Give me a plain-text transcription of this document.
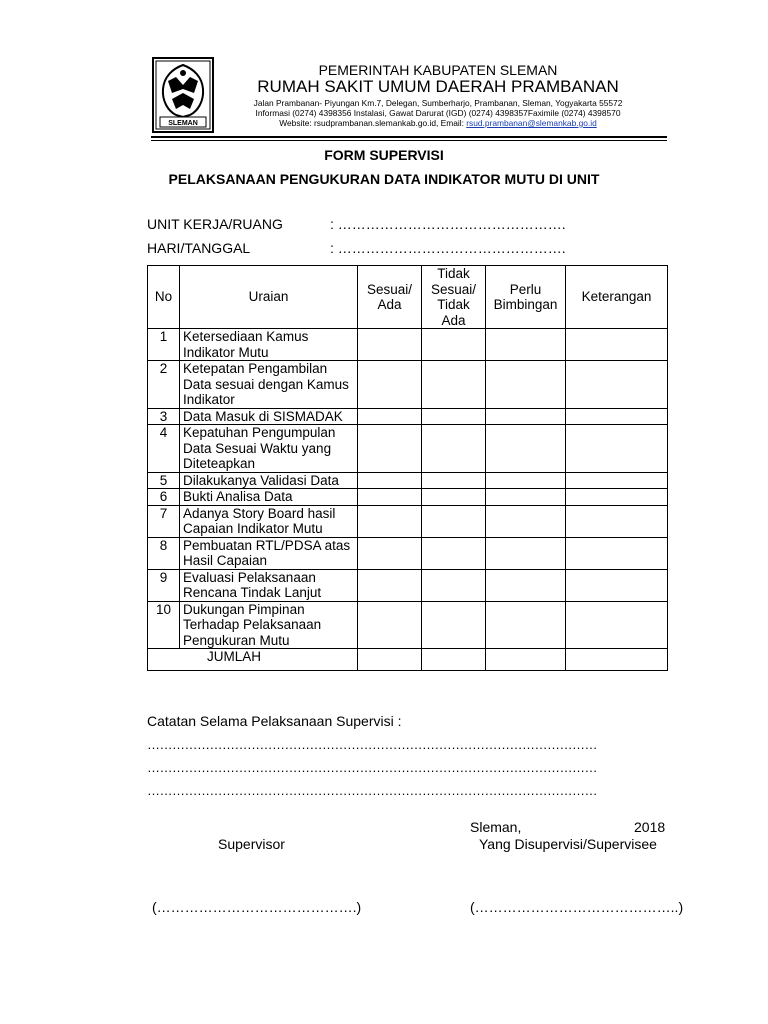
SLEMAN
PEMERINTAH KABUPATEN SLEMAN
RUMAH SAKIT UMUM DAERAH PRAMBANAN
Jalan Prambanan- Piyungan Km.7, Delegan, Sumberharjo, Prambanan, Sleman, Yogyakarta 55572
Informasi (0274) 4398356 Instalasi, Gawat Darurat (IGD) (0274) 4398357Faximile (0274) 4398570
Website: rsudprambanan.slemankab.go.id, Email: rsud.prambanan@slemankab.go.id
FORM SUPERVISI
PELAKSANAAN PENGUKURAN DATA INDIKATOR MUTU DI UNIT
UNIT KERJA/RUANG	: ………………………………………….
HARI/TANGGAL	: ………………………………………….
No	Uraian	Sesuai/ Ada	Tidak Sesuai/ Tidak Ada	Perlu Bimbingan	Keterangan
1	Ketersediaan Kamus Indikator Mutu				
2	Ketepatan Pengambilan Data sesuai dengan Kamus Indikator				
3	Data Masuk di SISMADAK				
4	Kepatuhan Pengumpulan Data Sesuai Waktu yang Diteteapkan				
5	Dilakukanya Validasi Data				
6	Bukti Analisa Data				
7	Adanya Story Board hasil Capaian Indikator Mutu				
8	Pembuatan RTL/PDSA atas Hasil Capaian				
9	Evaluasi Pelaksanaan Rencana Tindak Lanjut				
10	Dukungan Pimpinan Terhadap Pelaksanaan Pengukuran Mutu				
JUMLAH					
Catatan Selama Pelaksanaan Supervisi :
………………………………………………………………………………………………
………………………………………………………………………………………………
………………………………………………………………………………………………
Sleman,	2018
Supervisor	Yang Disupervisi/Supervisee
(…………………………………….)	(……………………………………..)
